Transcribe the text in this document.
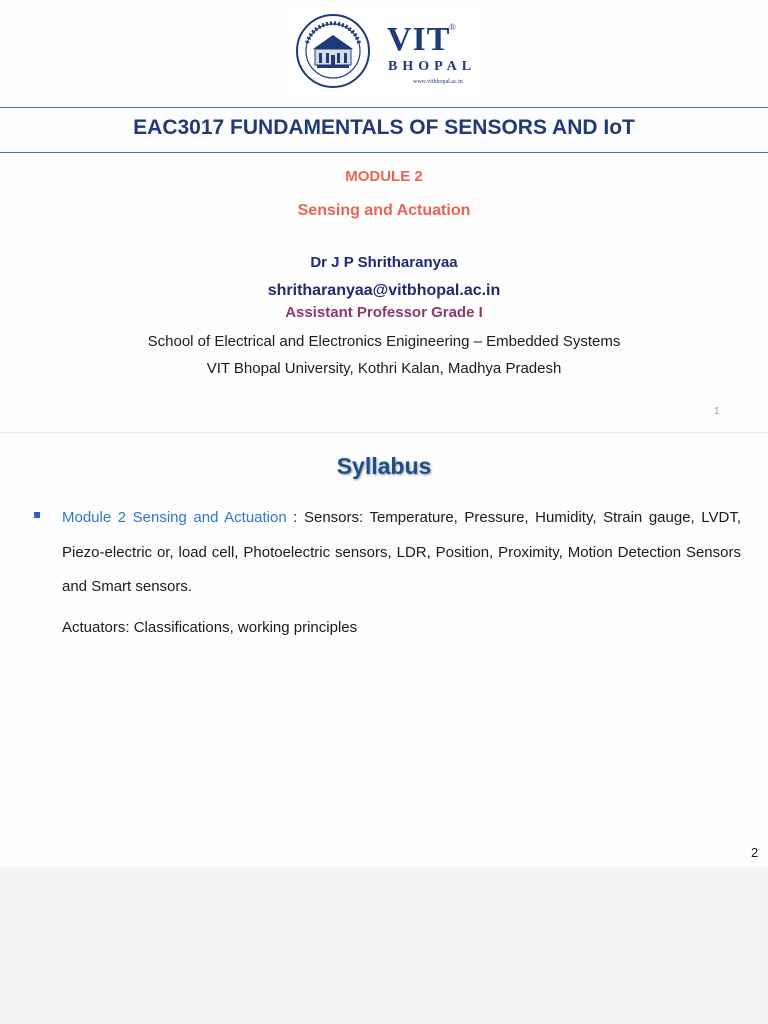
VIT
®
BHOPAL
www.vitbhopal.ac.in
EAC3017 FUNDAMENTALS OF SENSORS AND IoT
MODULE 2
Sensing and Actuation
Dr J P Shritharanyaa
shritharanyaa@vitbhopal.ac.in
Assistant Professor Grade I
School of Electrical and Electronics Enigineering – Embedded Systems
VIT Bhopal University, Kothri Kalan, Madhya Pradesh
1
Syllabus

Module 2 Sensing and Actuation : Sensors: Temperature, Pressure, Humidity, Strain gauge, LVDT, Piezo-electric or, load cell, Photoelectric sensors, LDR, Position, Proximity, Motion Detection Sensors and Smart sensors.

Actuators: Classifications, working principles
2
